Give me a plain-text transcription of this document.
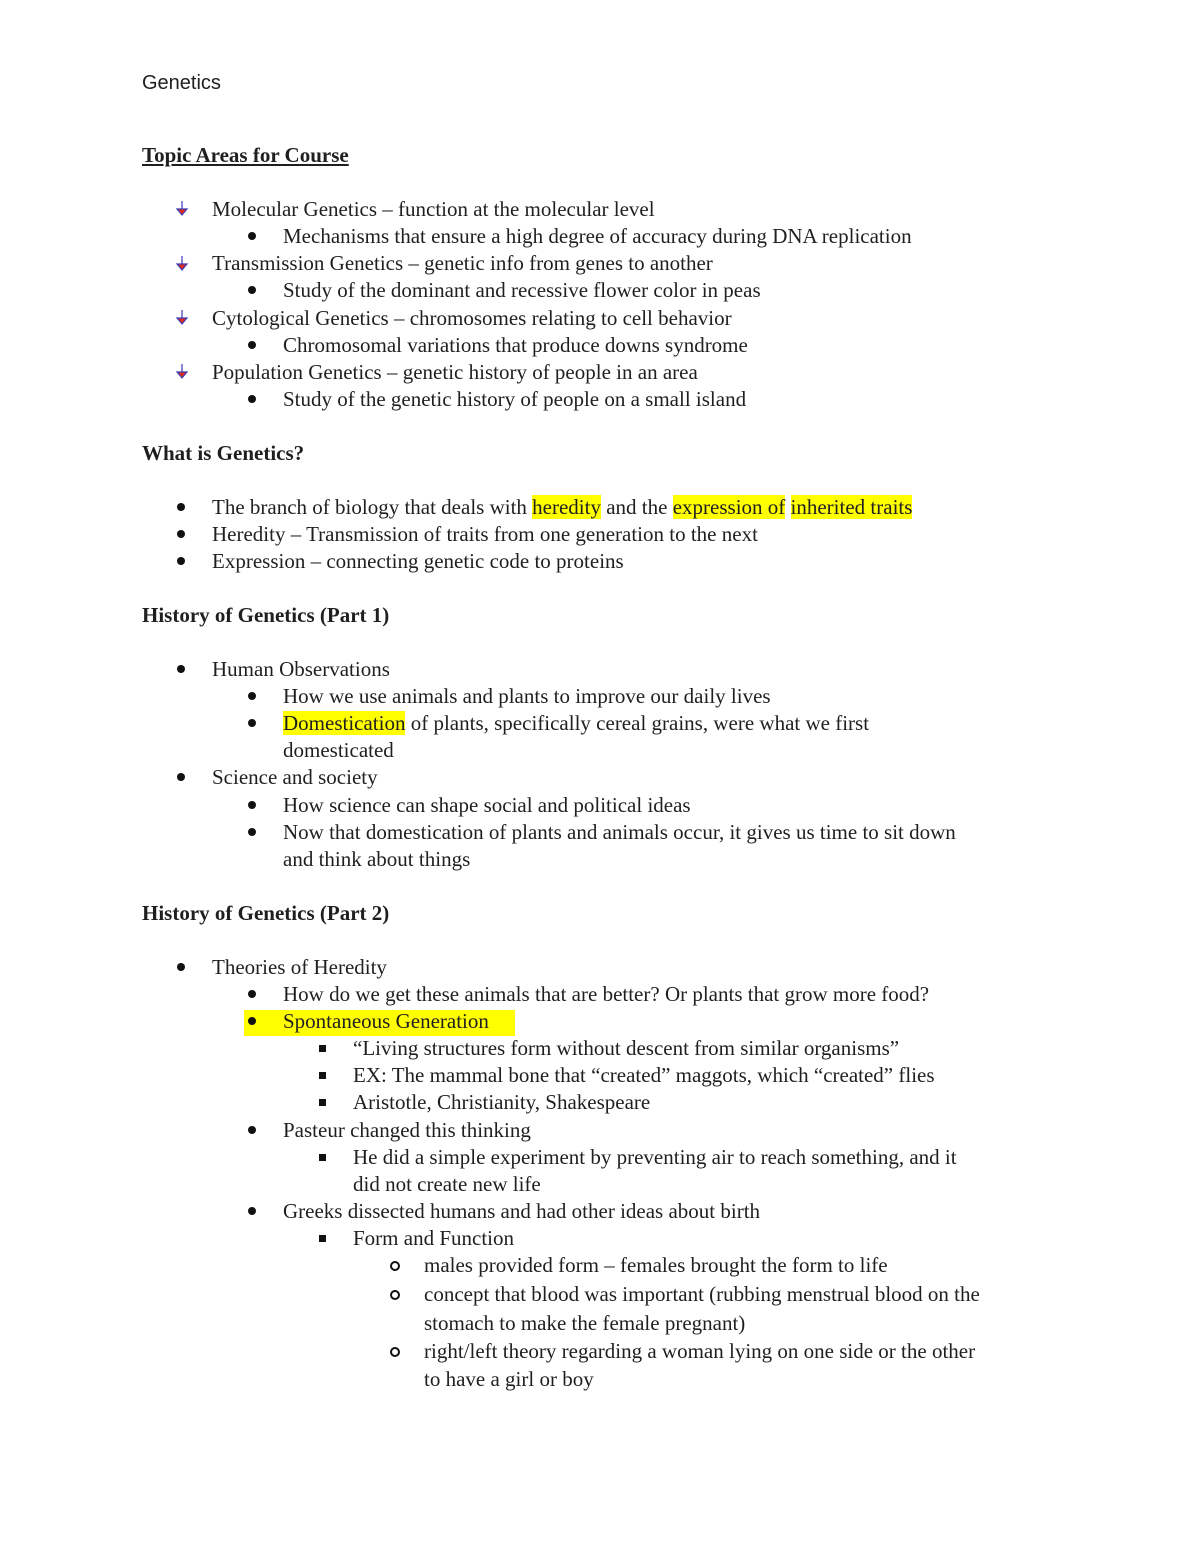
Genetics
Topic Areas for Course
Molecular Genetics – function at the molecular level
Mechanisms that ensure a high degree of accuracy during DNA replication
Transmission Genetics – genetic info from genes to another
Study of the dominant and recessive flower color in peas
Cytological Genetics – chromosomes relating to cell behavior
Chromosomal variations that produce downs syndrome
Population Genetics – genetic history of people in an area
Study of the genetic history of people on a small island
What is Genetics?
The branch of biology that deals with heredity and the expression of inherited traits
Heredity – Transmission of traits from one generation to the next
Expression – connecting genetic code to proteins
History of Genetics (Part 1)
Human Observations
How we use animals and plants to improve our daily lives
Domestication of plants, specifically cereal grains, were what we first
domesticated
Science and society
How science can shape social and political ideas
Now that domestication of plants and animals occur, it gives us time to sit down
and think about things
History of Genetics (Part 2)
Theories of Heredity
How do we get these animals that are better? Or plants that grow more food?
Spontaneous Generation
“Living structures form without descent from similar organisms”
EX: The mammal bone that “created” maggots, which “created” flies
Aristotle, Christianity, Shakespeare
Pasteur changed this thinking
He did a simple experiment by preventing air to reach something, and it
did not create new life
Greeks dissected humans and had other ideas about birth
Form and Function
males provided form – females brought the form to life
concept that blood was important (rubbing menstrual blood on the
stomach to make the female pregnant)
right/left theory regarding a woman lying on one side or the other
to have a girl or boy
